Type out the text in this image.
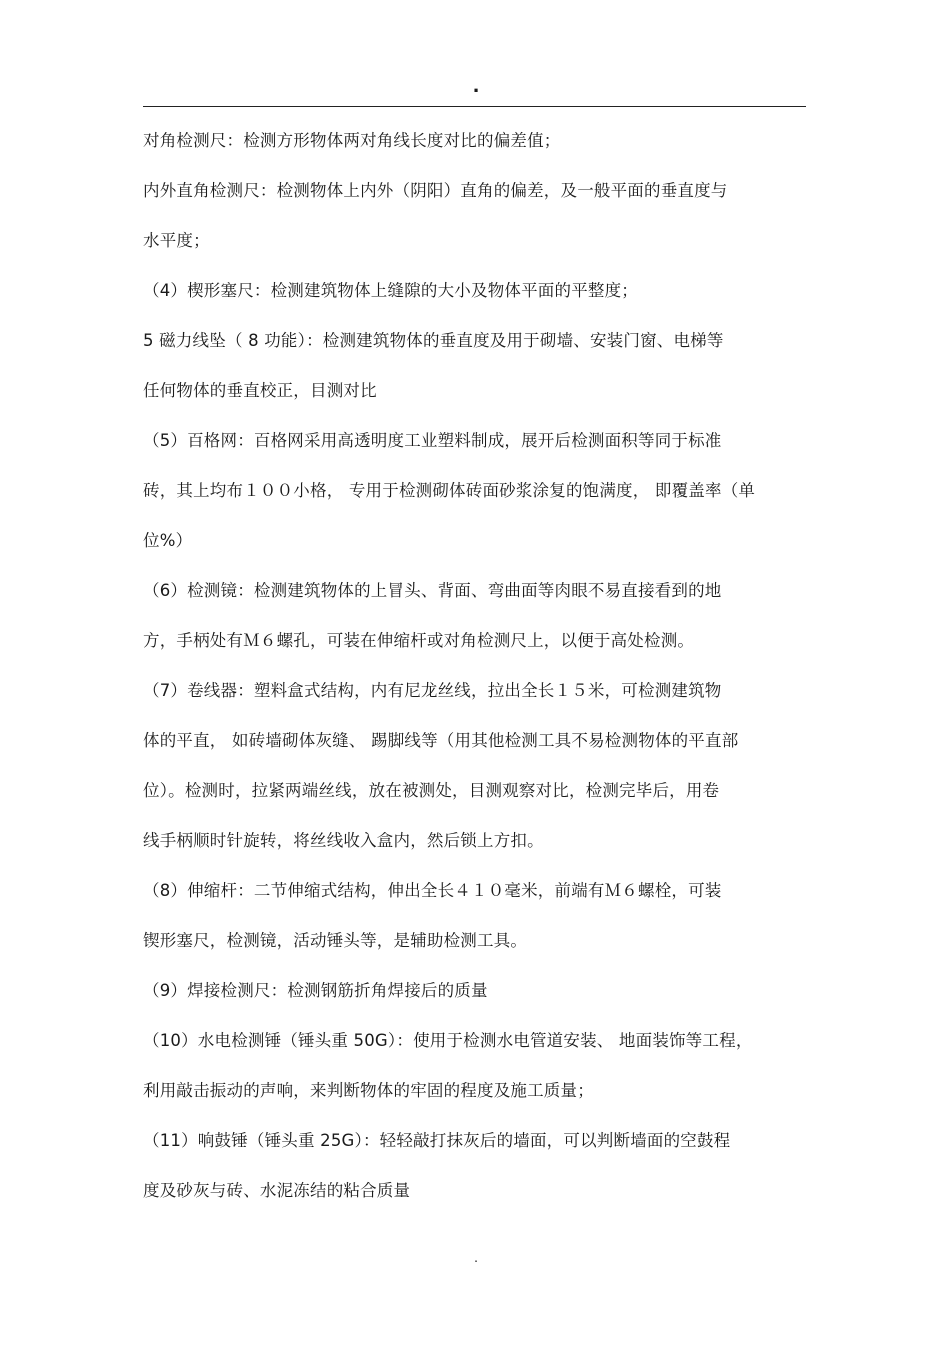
.
对角检测尺：检测方形物体两对角线长度对比的偏差值；
内外直角检测尺：检测物体上内外（阴阳）直角的偏差，及一般平面的垂直度与
水平度；
（4）楔形塞尺：检测建筑物体上缝隙的大小及物体平面的平整度；
5 磁力线坠（ 8 功能）：检测建筑物体的垂直度及用于砌墙、安装门窗、电梯等
任何物体的垂直校正，目测对比
（5）百格网：百格网采用高透明度工业塑料制成，展开后检测面积等同于标准
砖，其上均布１００小格， 专用于检测砌体砖面砂浆涂复的饱满度， 即覆盖率（单
位%）
（6）检测镜：检测建筑物体的上冒头、背面、弯曲面等肉眼不易直接看到的地
方，手柄处有Ｍ６螺孔，可装在伸缩杆或对角检测尺上，以便于高处检测。
（7）卷线器：塑料盒式结构，内有尼龙丝线，拉出全长１５米，可检测建筑物
体的平直， 如砖墙砌体灰缝、 踢脚线等（用其他检测工具不易检测物体的平直部
位）。检测时，拉紧两端丝线，放在被测处，目测观察对比，检测完毕后，用卷
线手柄顺时针旋转，将丝线收入盒内，然后锁上方扣。
（8）伸缩杆：二节伸缩式结构，伸出全长４１０毫米，前端有Ｍ６螺栓，可装
锲形塞尺，检测镜，活动锤头等，是辅助检测工具。
（9）焊接检测尺：检测钢筋折角焊接后的质量
（10）水电检测锤（锤头重 50G）：使用于检测水电管道安装、 地面装饰等工程，
利用敲击振动的声响，来判断物体的牢固的程度及施工质量；
（11）响鼓锤（锤头重 25G）：轻轻敲打抹灰后的墙面，可以判断墙面的空鼓程
度及砂灰与砖、水泥冻结的粘合质量
.
